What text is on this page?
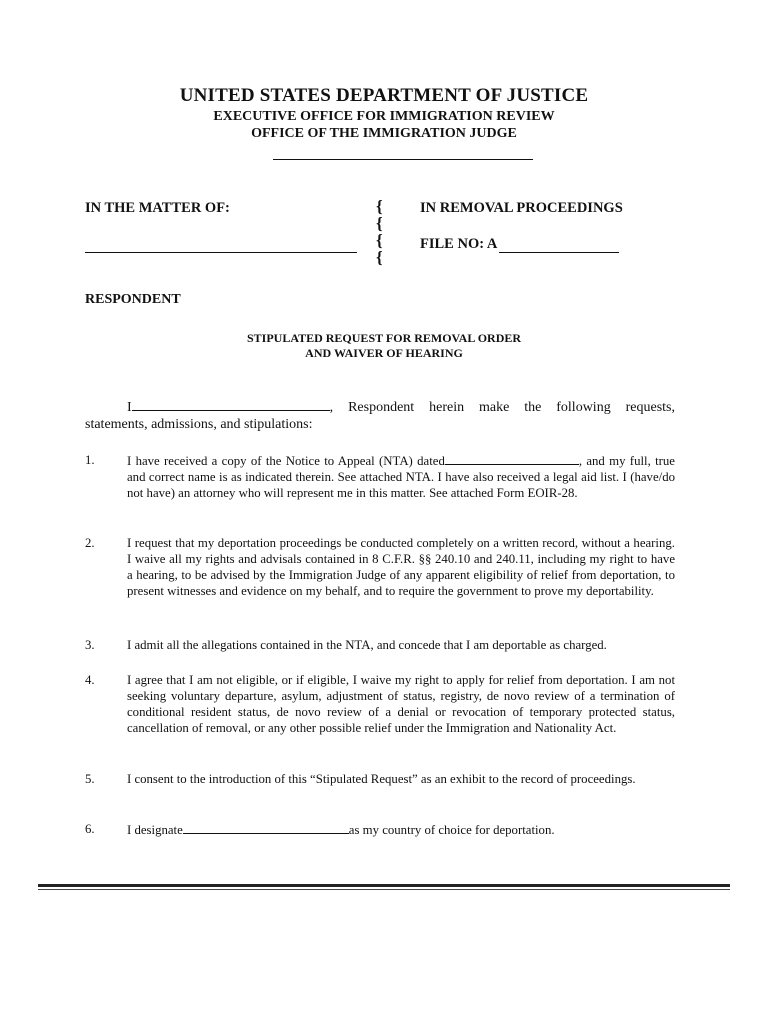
UNITED STATES DEPARTMENT OF JUSTICE
EXECUTIVE OFFICE FOR IMMIGRATION REVIEW
OFFICE OF THE IMMIGRATION JUDGE
IN THE MATTER OF:	{
{
{
{
IN REMOVAL PROCEEDINGS
FILE NO: A
RESPONDENT
STIPULATED REQUEST FOR REMOVAL ORDER
AND WAIVER OF HEARING
I	, Respondent herein make the following requests,
statements, admissions, and stipulations:
1.	I have received a copy of the Notice to Appeal (NTA) dated	, and my full, true and correct name is as indicated therein. See attached NTA. I have also received a legal aid list. I (have/do not have) an attorney who will represent me in this matter. See attached Form EOIR-28.
2.	I request that my deportation proceedings be conducted completely on a written record, without a hearing. I waive all my rights and advisals contained in 8 C.F.R. §§ 240.10 and 240.11, including my right to have a hearing, to be advised by the Immigration Judge of any apparent eligibility of relief from deportation, to present witnesses and evidence on my behalf, and to require the government to prove my deportability.
3.	I admit all the allegations contained in the NTA, and concede that I am deportable as charged.
4.	I agree that I am not eligible, or if eligible, I waive my right to apply for relief from deportation. I am not seeking voluntary departure, asylum, adjustment of status, registry, de novo review of a termination of conditional resident status, de novo review of a denial or revocation of temporary protected status, cancellation of removal, or any other possible relief under the Immigration and Nationality Act.
5.	I consent to the introduction of this “Stipulated Request” as an exhibit to the record of proceedings.
6.	I designate	as my country of choice for deportation.
